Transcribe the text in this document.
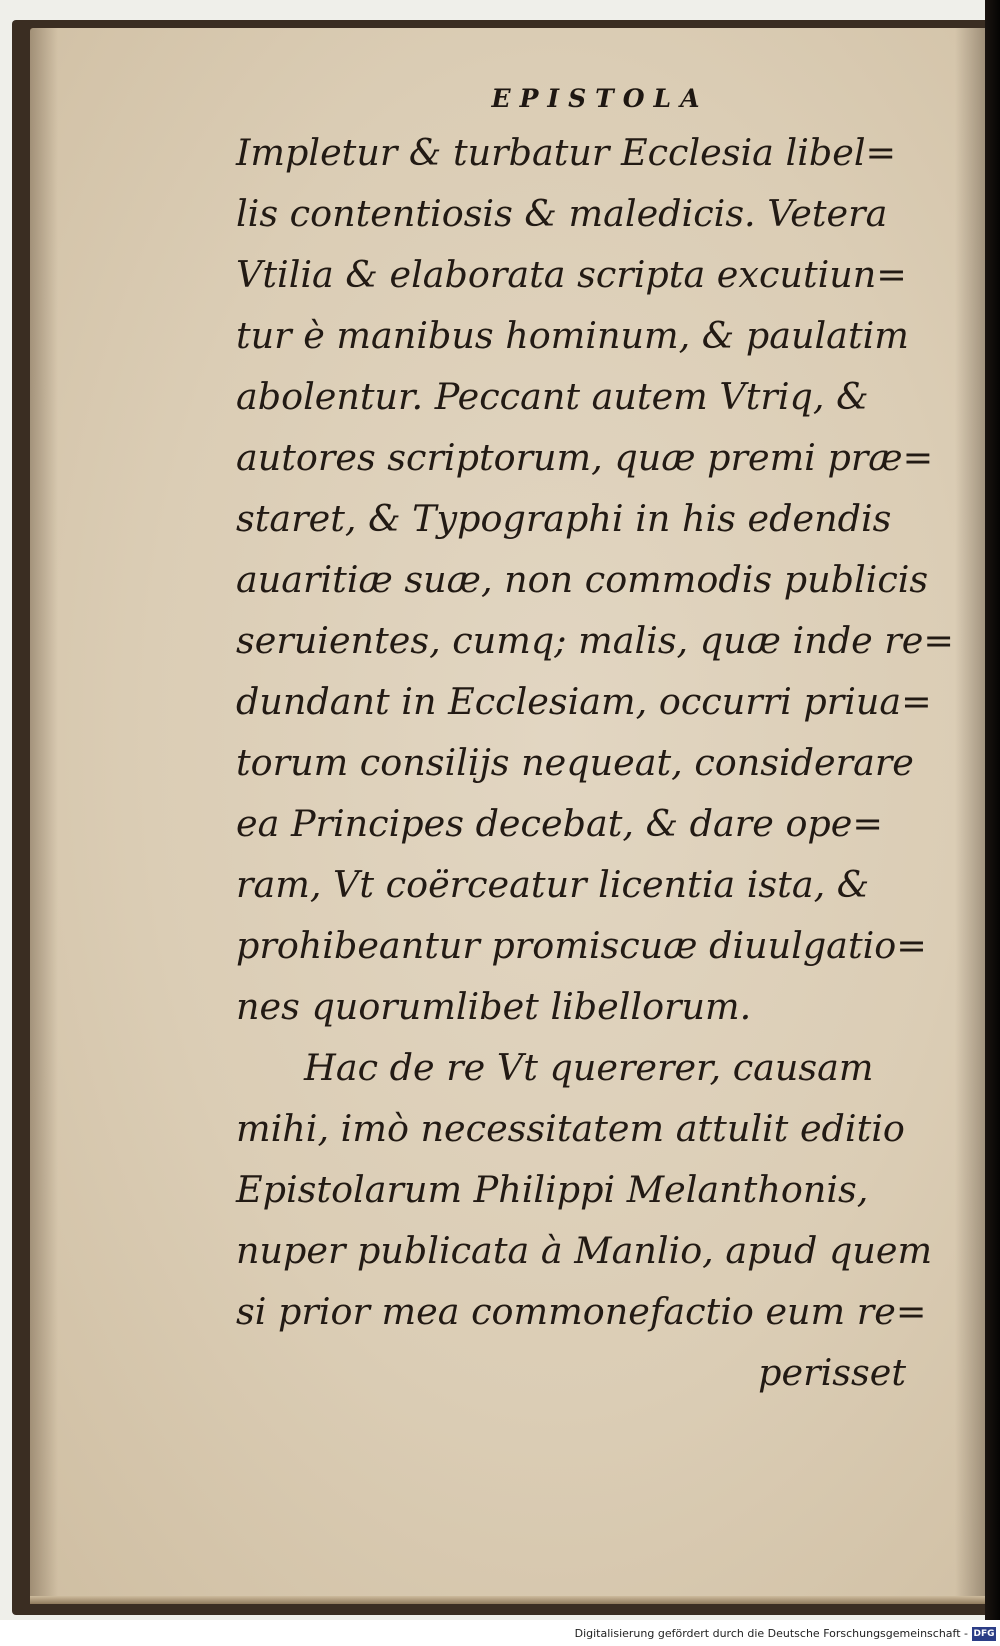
EPISTOLA
Impletur & turbatur Ecclesia libel=
lis contentiosis & maledicis. Vetera
Vtilia & elaborata scripta excutiun=
tur è manibus hominum, & paulatim
abolentur. Peccant autem Vtriq, &
autores scriptorum, quæ premi præ=
staret, & Typographi in his edendis
auaritiæ suæ, non commodis publicis
seruientes, cumq; malis, quæ inde re=
dundant in Ecclesiam, occurri priua=
torum consilijs nequeat, considerare
ea Principes decebat, & dare ope=
ram, Vt coërceatur licentia ista, &
prohibeantur promiscuæ diuulgatio=
nes quorumlibet libellorum.
Hac de re Vt quererer, causam
mihi, imò necessitatem attulit editio
Epistolarum Philippi Melanthonis,
nuper publicata à Manlio, apud quem
si prior mea commonefactio eum re=
perisset
Digitalisierung gefördert durch die Deutsche Forschungsgemeinschaft - DFG
